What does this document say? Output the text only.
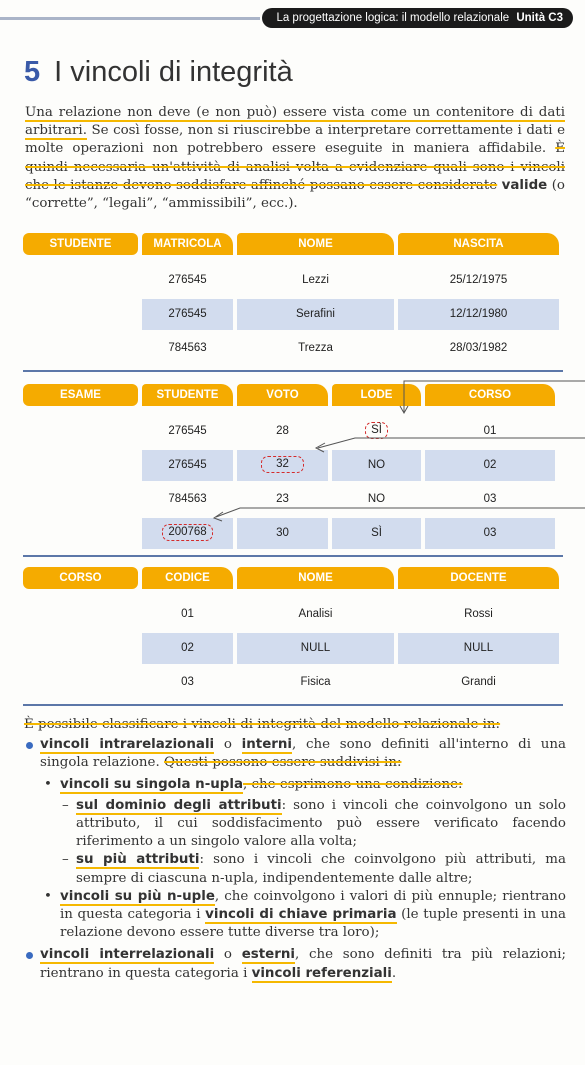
La progettazione logica: il modello relazionale Unità C3
5 I vincoli di integrità
Una relazione non deve (e non può) essere vista come un contenitore di dati arbitrari. Se così fosse, non si riuscirebbe a interpretare correttamente i dati e molte operazioni non potrebbero essere eseguite in maniera affidabile. È quindi necessaria un'attività di analisi volta a evidenziare quali sono i vincoli che le istanze devono soddisfare affinché possano essere considerate valide (o “corrette”, “legali”, “ammissibili”, ecc.).
STUDENTE	MATRICOLA	NOME	NASCITA
276545	Lezzi	25/12/1975
276545	Serafini	12/12/1980
784563	Trezza	28/03/1982
ESAME	STUDENTE	VOTO	LODE	CORSO
276545	28	SÌ	01
276545	32	NO	02
784563	23	NO	03
200768	30	SÌ	03
CORSO	CODICE	NOME	DOCENTE
01	Analisi	Rossi
02	NULL	NULL
03	Fisica	Grandi
È possibile classificare i vincoli di integrità del modello relazionale in:
vincoli intrarelazionali o interni, che sono definiti all'interno di una singola relazione. Questi possono essere suddivisi in:
• vincoli su singola n-upla, che esprimono una condizione:
– sul dominio degli attributi: sono i vincoli che coinvolgono un solo attributo, il cui soddisfacimento può essere verificato facendo riferimento a un singolo valore alla volta;
– su più attributi: sono i vincoli che coinvolgono più attributi, ma sempre di ciascuna n-upla, indipendentemente dalle altre;
• vincoli su più n-uple, che coinvolgono i valori di più ennuple; rientrano in questa categoria i vincoli di chiave primaria (le tuple presenti in una relazione devono essere tutte diverse tra loro);
vincoli interrelazionali o esterni, che sono definiti tra più relazioni; rientrano in questa categoria i vincoli referenziali.
